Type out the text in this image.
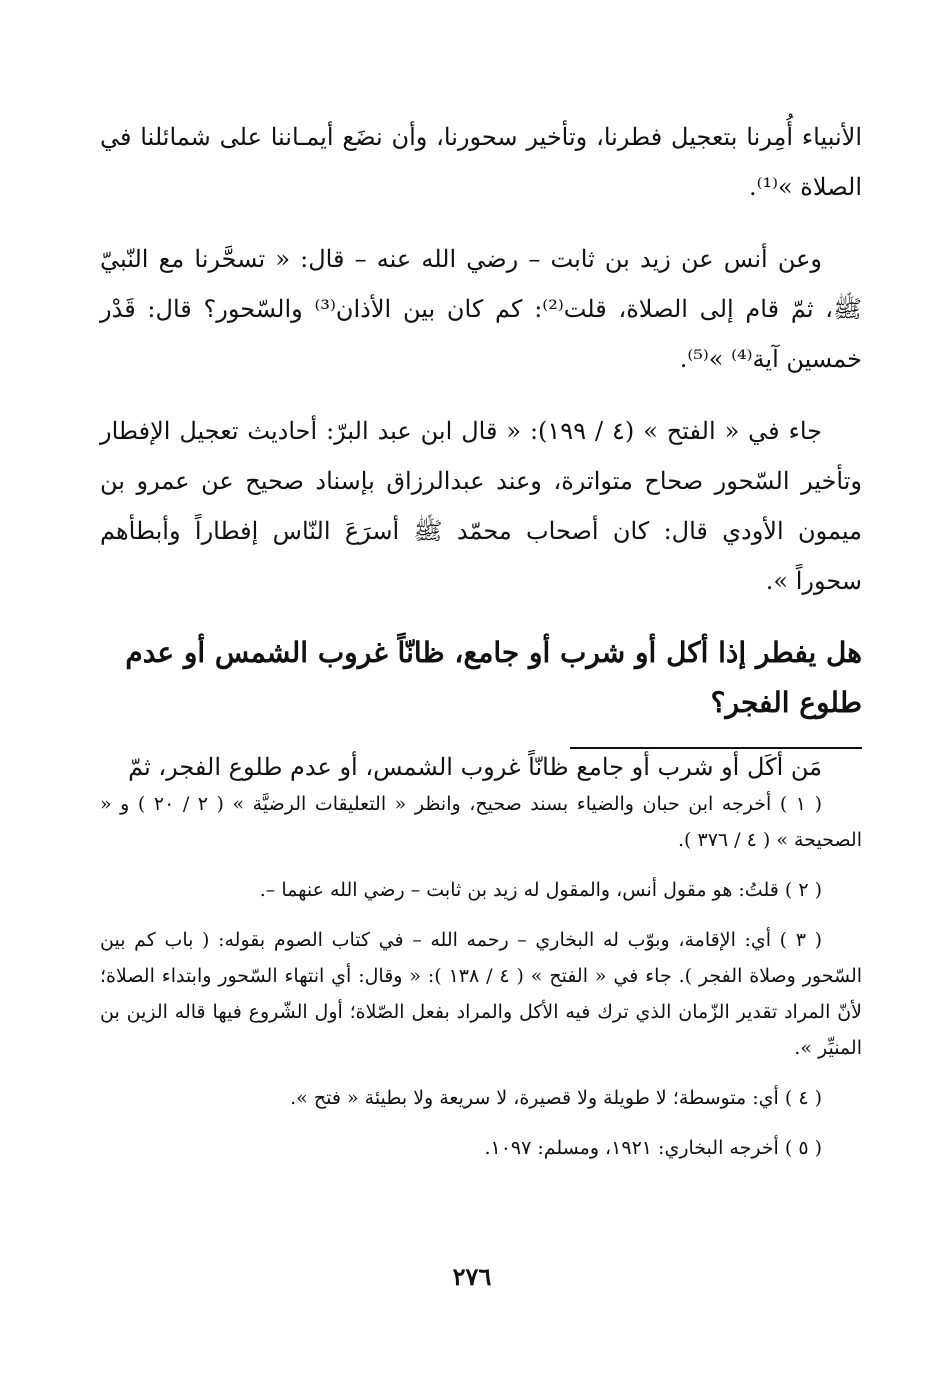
الأنبياء أُمِرنا بتعجيل فطرنا، وتأخير سحورنا، وأن نضَع أيمـاننا على شمائلنا في الصلاة »⁽¹⁾.

وعن أنس عن زيد بن ثابت – رضي الله عنه – قال: « تسحَّرنا مع النّبيّ ﷺ، ثمّ قام إلى الصلاة، قلت⁽²⁾: كم كان بين الأذان⁽³⁾ والسّحور؟ قال: قَدْر خمسين آية⁽⁴⁾ »⁽⁵⁾.

جاء في « الفتح » (٤ / ١٩٩): « قال ابن عبد البرّ: أحاديث تعجيل الإفطار وتأخير السّحور صحاح متواترة، وعند عبدالرزاق بإسناد صحيح عن عمرو بن ميمون الأودي قال: كان أصحاب محمّد ﷺ أسرَعَ النّاس إفطاراً وأبطأهم سحوراً ».

هل يفطر إذا أكل أو شرب أو جامع، ظانّاً غروب الشمس أو عدم طلوع الفجر؟

مَن أكَل أو شرب أو جامع ظانّاً غروب الشمس، أو عدم طلوع الفجر، ثمّ

( ١ ) أخرجه ابن حبان والضياء بسند صحيح، وانظر « التعليقات الرضيَّة » ( ٢ / ٢٠ ) و « الصحيحة » ( ٤ / ٣٧٦ ).

( ٢ ) قلتُ: هو مقول أنس، والمقول له زيد بن ثابت – رضي الله عنهما –.

( ٣ ) أي: الإقامة، وبوّب له البخاري – رحمه الله – في كتاب الصوم بقوله: ( باب كم بين السّحور وصلاة الفجر ). جاء في « الفتح » ( ٤ / ١٣٨ ): « وقال: أي انتهاء السّحور وابتداء الصلاة؛ لأنّ المراد تقدير الزّمان الذي ترك فيه الأكل والمراد بفعل الصّلاة؛ أول الشّروع فيها قاله الزين بن المنيِّر ».

( ٤ ) أي: متوسطة؛ لا طويلة ولا قصيرة، لا سريعة ولا بطيئة « فتح ».

( ٥ ) أخرجه البخاري: ١٩٢١، ومسلم: ١٠٩٧.

٢٧٦
